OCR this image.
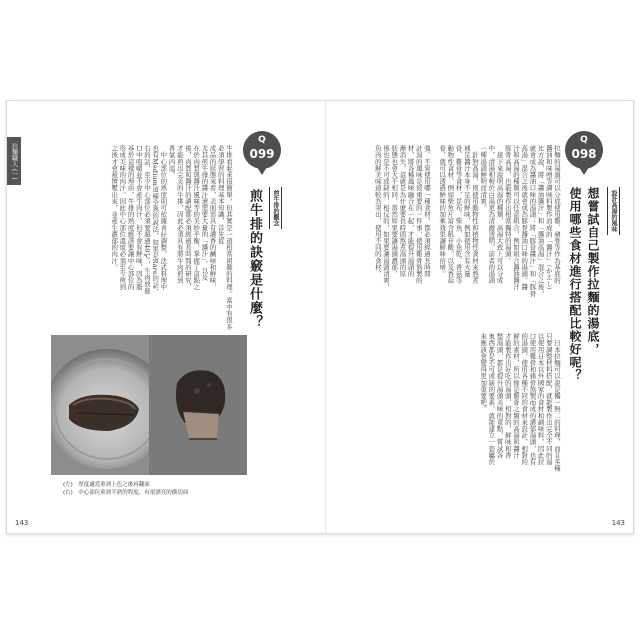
拉麵職人 (一)
Q
099
煎牛排的觀念
煎牛排的訣竅是什麼？
牛排看起來很簡單，但其實是一道相當困難的料理。當中有很多必須學習的料理基本知識，首先從
成品的狀態來看，表面需具有濃香的鹹味和鮮味，
尤其煎牛排的醬汁還需要大量的「醬汁」，以及
在於肉質與醬汁風味等的美妙平衡，掌握了這點之
後，肉質和醬汁的調配都必須經過長時間的研究，
才能煎出完美的牛排，因此必須具有將牛肉煎到
香氣四溢。
　中心部位的熟度則可依據喜好調整，法式料理中
也有Medium這種全熟的說法，如果是Rare的話，
右的話，至少中心部位必須要超過40℃，生肉放進
口中咀嚼並不會產生肉汁，但不會有鮮味，因為脂
基於這樣的理由，牛排的熟度應該要讓中心部位的
形成美味的肉汁，因此中心部位溫度必須至少煎到
之後才會被擠壓出來，並產生濃郁的肉汁。
(左)　厚度適當煎到上色之後再翻面
(右)　中心部位煎到半熟的程度，有很漂亮的横切面
143
Q
098
設計高湯的風味
想嘗試自己製作拉麵的湯底，
使用哪些食材進行搭配比較好呢？
拉麵的湯頭可以分成使用雞、豬骨等作為基底的
醬油和味噌等調味料製作而成的「醬汁」（かえし）
比方說，將「醬油醬汁」和「醬油高湯」混合之後，
就會成為醬油口味的湯頭；將「豚骨醬汁」和「豚骨
高湯」混合之後就會成為豚骨醬油口味的湯頭。醬
汁和高湯的種類可以任意組合，例如組合醬油醬汁
豚骨高湯，也能製作出相當獨特的湯頭。
　接下來說明高湯的種類，高湯大致上可以分成
中，清湯相較於白湯更為清澈透明，前者的湯頭
一種湯頭鮮明而清爽。
　針對高湯，則使用動物性和植物性食材來熬煮
補足醬汁本身不足的鮮味，例如使用含有大量
骨、雞骨等食材，昆布、柴魚、小魚乾、香菇等
動物性食材，例如柴魚片富含肌苷酸，以及香菇
骨，就可以透過鮮味的加乘效果讓鮮味倍增。
強。不管使用哪一種食材，都必須經過長時間
計湯的風味是很重要的一件事，使用雞骨熬製的
材，將各種風味融合在一起，才能提升湯頭的
漸消失，這就是為什麼要長時間熬煮湯頭的原
狀態也會大不相同，當然如果要讓湯頭濃郁，
係也是不可或缺的，相反的，如果要讓湯頭清爽，
魚肉的鮮美味道較為突出，使用不同的食材，
　日本拉麵可以說是獨一無二的料理，而且多種
只要調整材料搭配，就能製作出完全不同的湯
以使用日本以外國家的食材和調味料，因此拉
口使用雞骨和豬骨熬製而成的濃郁湯頭，也有
的湯頭，使用各種不同的食材來設計，相對的
鮮的素材，所以像是雞骨之類的高湯和醬汁
才能製作出好吃的湯頭，相對的，鮮味和香
整湯頭，都是提升湯頭美味的重點，嘗試各
東西都是不可或缺的要素，就能建立一套屬於
來應該會變得更加重要吧。
143
